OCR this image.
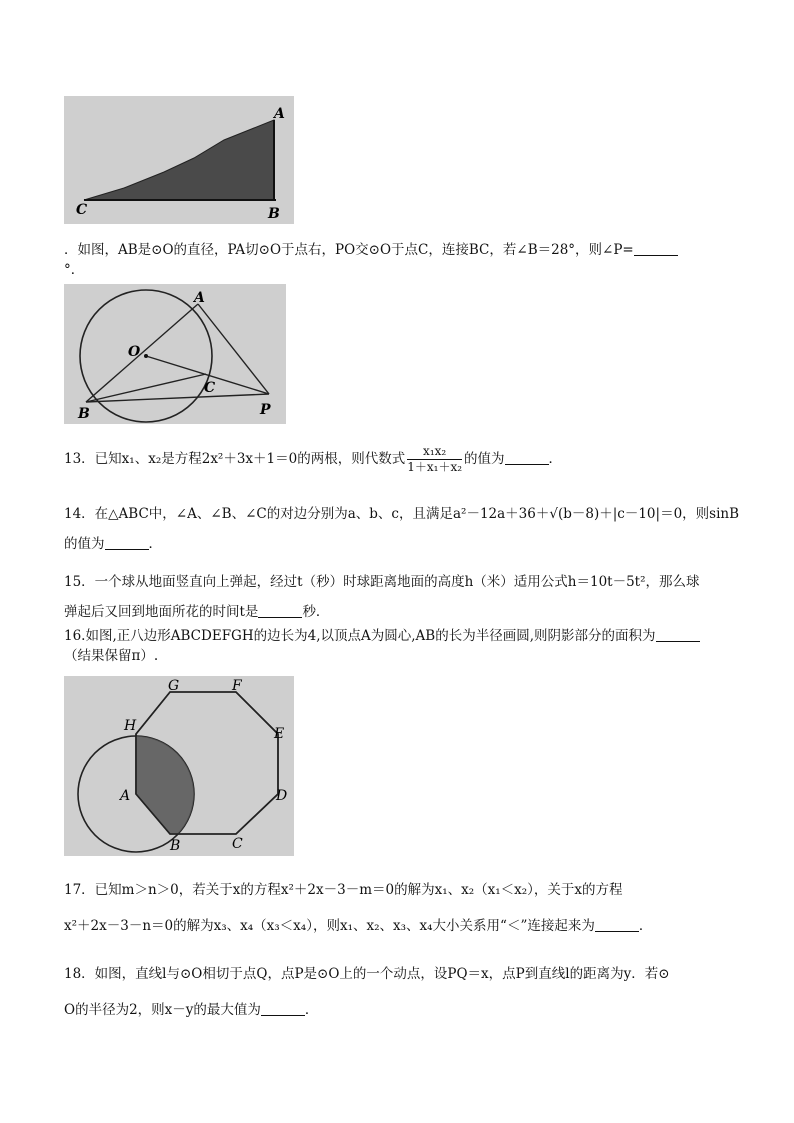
A
B
C
．如图，AB是⊙O的直径，PA切⊙O于点右，PO交⊙O于点C，连接BC，若∠B＝28°，则∠P=
°．
A
O
C
B	P
13．已知x₁、x₂是方程2x²＋3x＋1＝0的两根，则代数式 $\frac{\text{x₁x₂}}{\text{1＋x₁＋x₂}}$ 的值为	．
14．在△ABC中，∠A、∠B、∠C的对边分别为a、b、c，且满足a²－12a＋36＋√(b－8)＋|c－10|＝0，则sinB
的值为	．
15．一个球从地面竖直向上弹起，经过t（秒）时球距离地面的高度h（米）适用公式h＝10t－5t²，那么球
弹起后又回到地面所花的时间t是	秒．
16.如图,正八边形ABCDEFGH的边长为4,以顶点A为圆心,AB的长为半径画圆,则阴影部分的面积为
（结果保留π）.
G	F
H	E
A	D
B	C
17．已知m＞n＞0，若关于x的方程x²＋2x－3－m＝0的解为x₁、x₂（x₁＜x₂），关于x的方程
x²＋2x－3－n＝0的解为x₃、x₄（x₃＜x₄），则x₁、x₂、x₃、x₄大小关系用“＜”连接起来为	．
18．如图，直线l与⊙O相切于点Q，点P是⊙O上的一个动点，设PQ＝x，点P到直线l的距离为y．若⊙
O的半径为2，则x－y的最大值为	．
